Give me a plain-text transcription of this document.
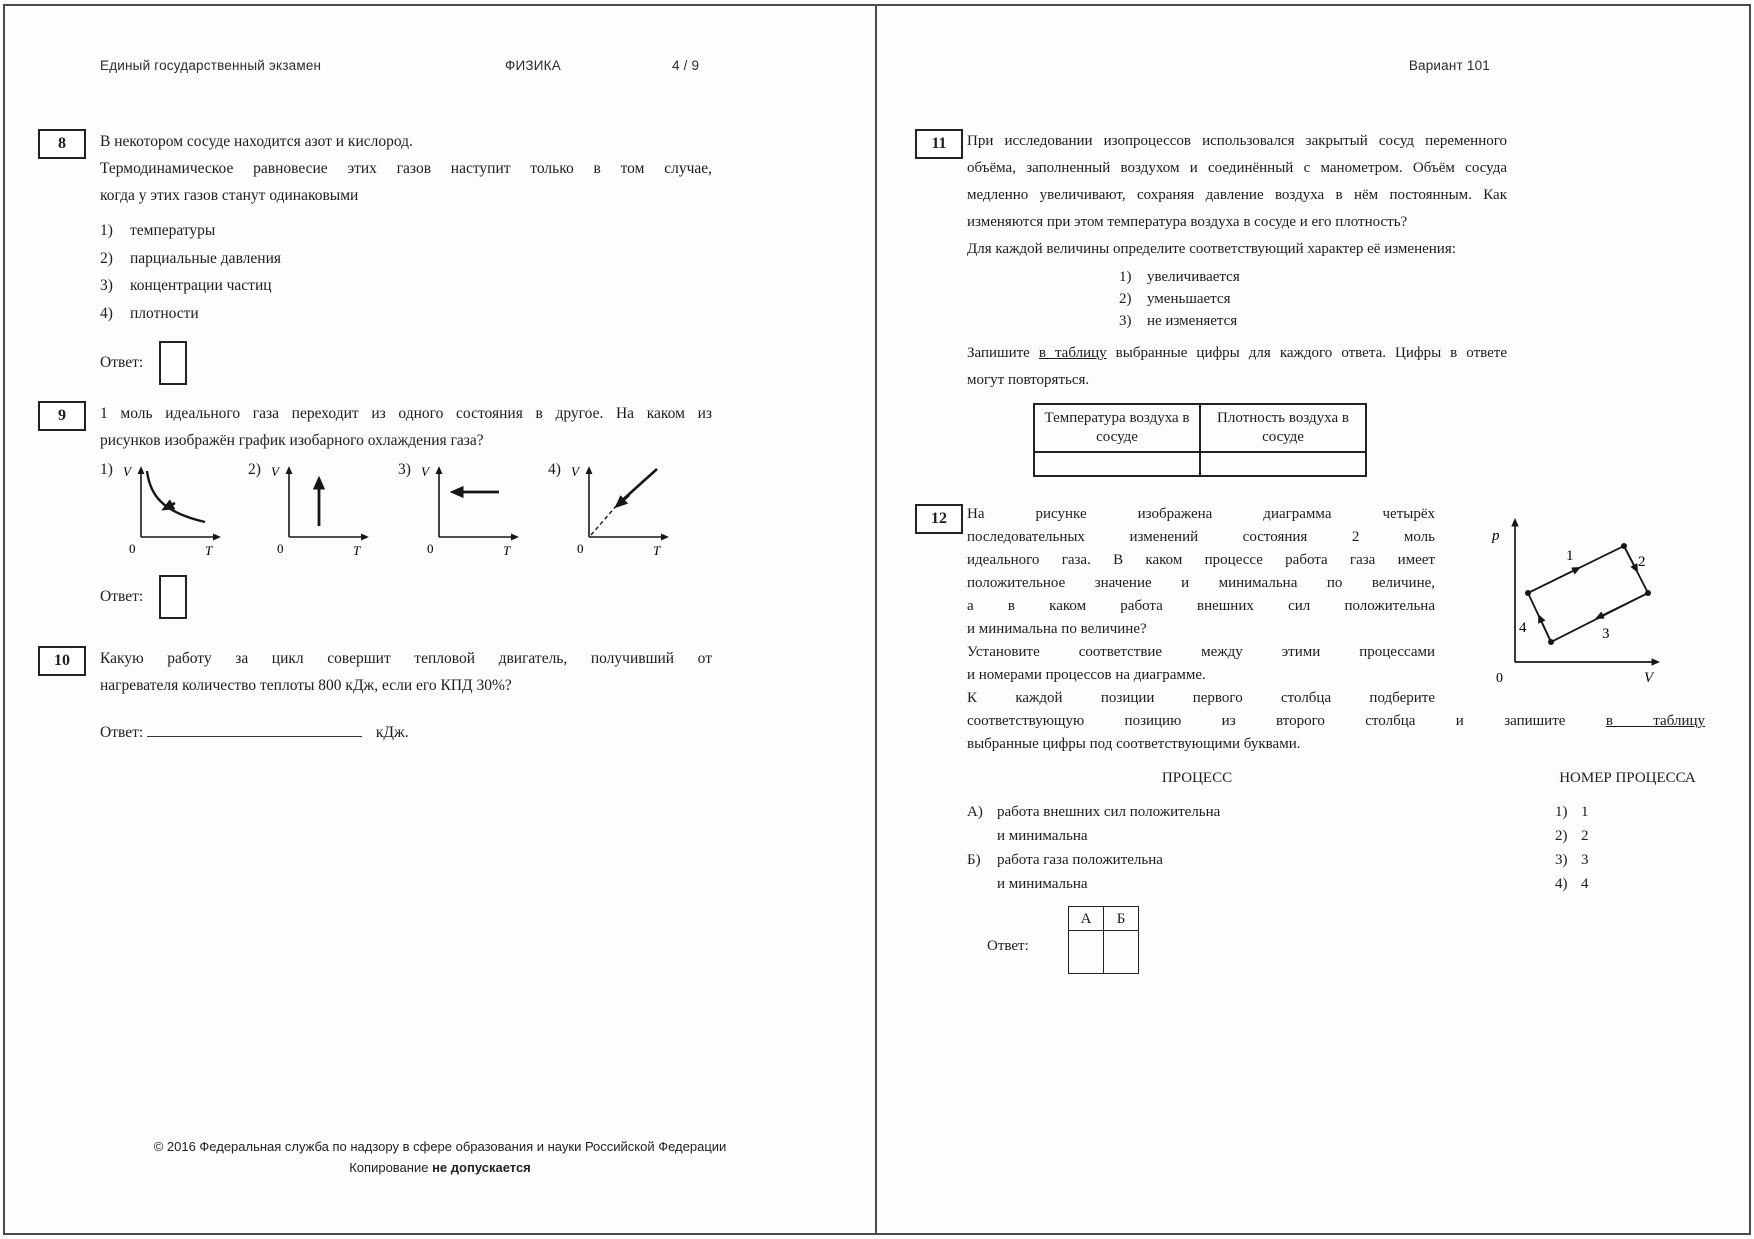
Единый государственный экзамен	ФИЗИКА	4 / 9
8	В некотором сосуде находится азот и кислород.
Термодинамическое равновесие этих газов наступит только в том случае,
когда у этих газов станут одинаковыми
1)	температуры
2)	парциальные давления
3)	концентрации частиц
4)	плотности
Ответ:
9	1 моль идеального газа переходит из одного состояния в другое. На каком из
рисунков изображён график изобарного охлаждения газа?
1) V
0	T
2) V
0	T
3) V
0	T
4) V
0	T
Ответ:
10	Какую работу за цикл совершит тепловой двигатель, получивший от
нагревателя количество теплоты 800 кДж, если его КПД 30%?
Ответ:	кДж.
© 2016 Федеральная служба по надзору в сфере образования и науки Российской Федерации
Копирование не допускается
Вариант 101
11	При исследовании изопроцессов использовался закрытый сосуд переменного
объёма, заполненный воздухом и соединённый с манометром. Объём сосуда
медленно увеличивают, сохраняя давление воздуха в нём постоянным. Как
изменяются при этом температура воздуха в сосуде и его плотность?
Для каждой величины определите соответствующий характер её изменения:
1)	увеличивается
2)	уменьшается
3)	не изменяется
Запишите в таблицу выбранные цифры для каждого ответа. Цифры в ответе
могут повторяться.
Температура воздуха в сосуде	Плотность воздуха в сосуде

12
p
0	V
1	2
3
4
На рисунке изображена диаграмма четырёх
последовательных изменений состояния 2 моль
идеального газа. В каком процессе работа газа имеет
положительное значение и минимальна по величине,
а в каком работа внешних сил положительна
и минимальна по величине?
Установите соответствие между этими процессами
и номерами процессов на диаграмме.
К каждой позиции первого столбца подберите
соответствующую позицию из второго столбца и запишите в таблицу
выбранные цифры под соответствующими буквами.
ПРОЦЕСС	НОМЕР ПРОЦЕССА
А) работа внешних сил положительна
и минимальна
Б)	работа газа положительна
и минимальна
1) 1
2) 2
3) 3
4) 4
Ответ:
А	Б
